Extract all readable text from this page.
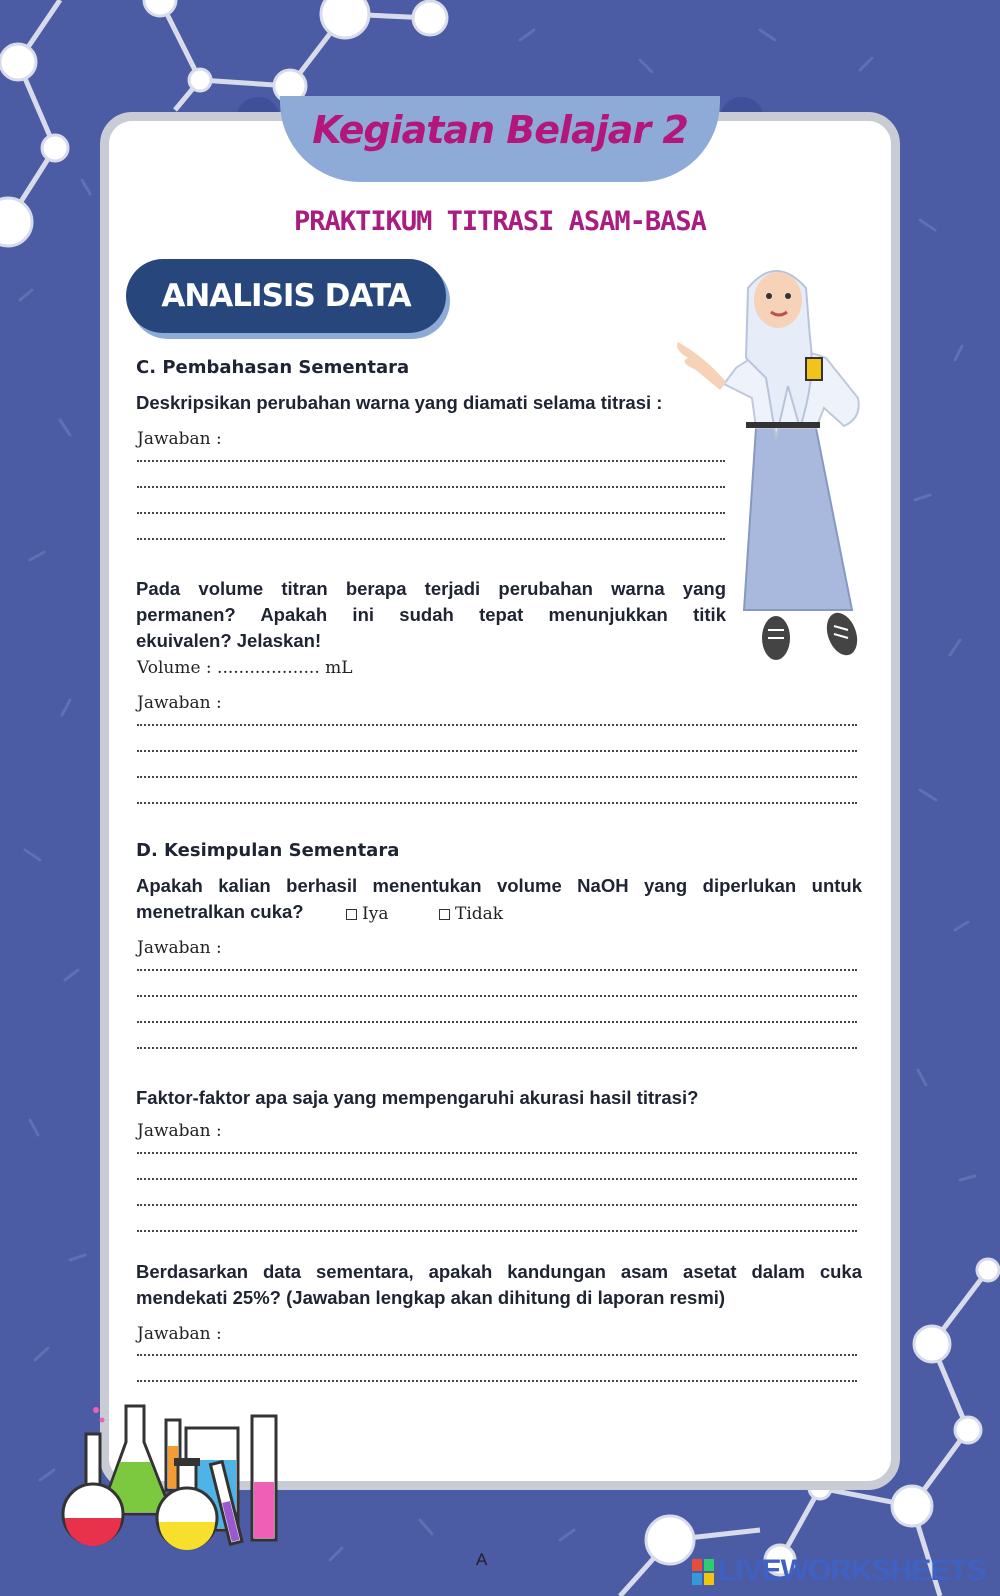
Kegiatan Belajar 2
PRAKTIKUM TITRASI ASAM-BASA
ANALISIS DATA
C. Pembahasan Sementara
Deskripsikan perubahan warna yang diamati selama titrasi :
Jawaban :
Pada volume titran berapa terjadi perubahan warna yang
permanen? Apakah ini sudah tepat menunjukkan titik
ekuivalen? Jelaskan!
Volume : ................... mL
Jawaban :
D. Kesimpulan Sementara
Apakah kalian berhasil menentukan volume NaOH yang diperlukan untuk
menetralkan cuka?	Iya	Tidak
Jawaban :
Faktor-faktor apa saja yang mempengaruhi akurasi hasil titrasi?
Jawaban :
Berdasarkan data sementara, apakah kandungan asam asetat dalam cuka
mendekati 25%? (Jawaban lengkap akan dihitung di laporan resmi)
Jawaban :
A	LIVEWORKSHEETS
